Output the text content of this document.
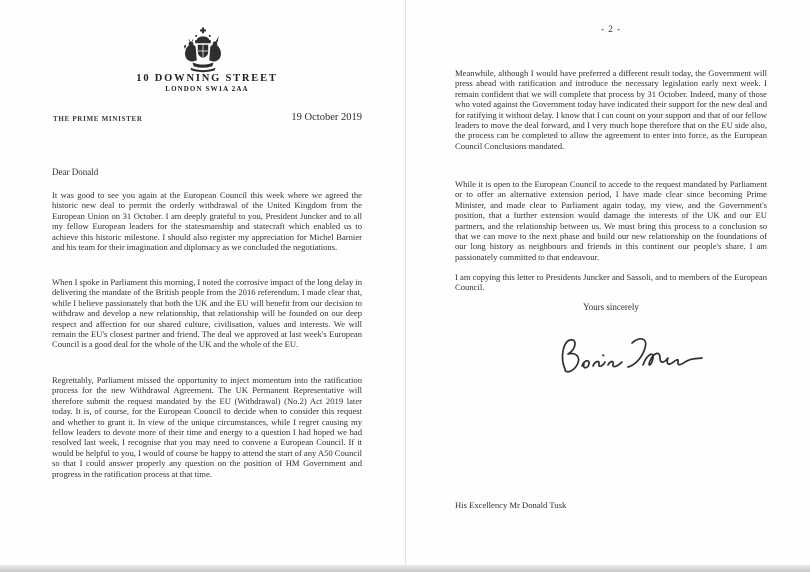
10 DOWNING STREET
LONDON SW1A 2AA
THE PRIME MINISTER	19 October 2019
Dear Donald

It was good to see you again at the European Council this week where we agreed the historic new deal to permit the orderly withdrawal of the United Kingdom from the European Union on 31 October. I am deeply grateful to you, President Juncker and to all my fellow European leaders for the statesmanship and statecraft which enabled us to achieve this historic milestone. I should also register my appreciation for Michel Barnier and his team for their imagination and diplomacy as we concluded the negotiations.

When I spoke in Parliament this morning, I noted the corrosive impact of the long delay in delivering the mandate of the British people from the 2016 referendum. I made clear that, while I believe passionately that both the UK and the EU will benefit from our decision to withdraw and develop a new relationship, that relationship will be founded on our deep respect and affection for our shared culture, civilisation, values and interests. We will remain the EU's closest partner and friend. The deal we approved at last week's European Council is a good deal for the whole of the UK and the whole of the EU.

Regrettably, Parliament missed the opportunity to inject momentum into the ratification process for the new Withdrawal Agreement. The UK Permanent Representative will therefore submit the request mandated by the EU (Withdrawal) (No.2) Act 2019 later today. It is, of course, for the European Council to decide when to consider this request and whether to grant it. In view of the unique circumstances, while I regret causing my fellow leaders to devote more of their time and energy to a question I had hoped we had resolved last week, I recognise that you may need to convene a European Council. If it would be helpful to you, I would of course be happy to attend the start of any A50 Council so that I could answer properly any question on the position of HM Government and progress in the ratification process at that time.

- 2 -

Meanwhile, although I would have preferred a different result today, the Government will press ahead with ratification and introduce the necessary legislation early next week. I remain confident that we will complete that process by 31 October. Indeed, many of those who voted against the Government today have indicated their support for the new deal and for ratifying it without delay. I know that I can count on your support and that of our fellow leaders to move the deal forward, and I very much hope therefore that on the EU side also, the process can be completed to allow the agreement to enter into force, as the European Council Conclusions mandated.

While it is open to the European Council to accede to the request mandated by Parliament or to offer an alternative extension period, I have made clear since becoming Prime Minister, and made clear to Parliament again today, my view, and the Government's position, that a further extension would damage the interests of the UK and our EU partners, and the relationship between us. We must bring this process to a conclusion so that we can move to the next phase and build our new relationship on the foundations of our long history as neighbours and friends in this continent our people's share. I am passionately committed to that endeavour.

I am copying this letter to Presidents Juncker and Sassoli, and to members of the European Council.

Yours sincerely
His Excellency Mr Donald Tusk
